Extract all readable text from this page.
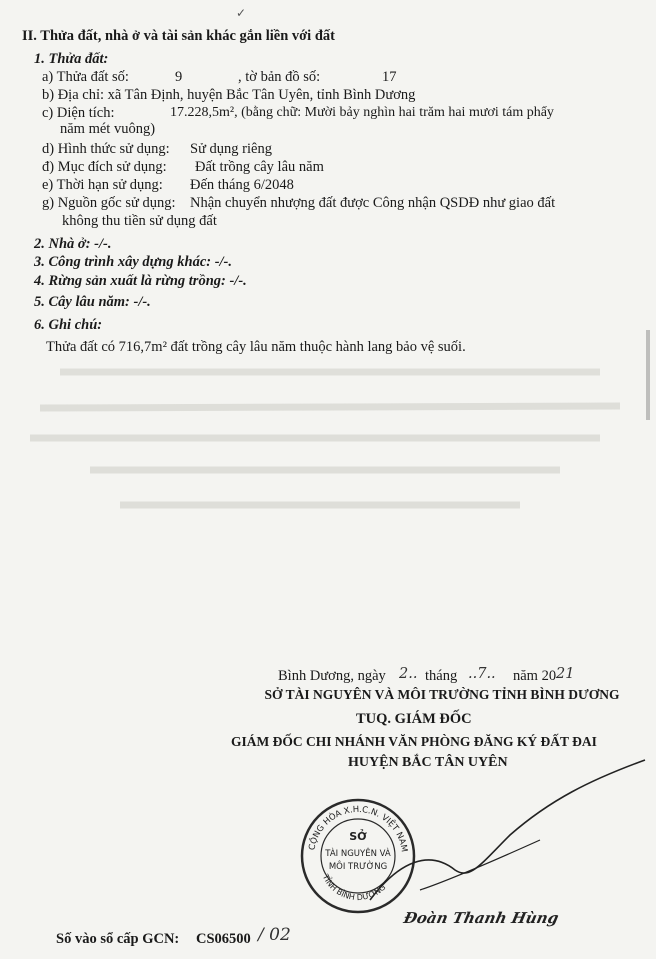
✓
II. Thửa đất, nhà ở và tài sản khác gắn liền với đất
1. Thửa đất:
a) Thửa đất số:	9	, tờ bản đồ số:	17
b) Địa chỉ: xã Tân Định, huyện Bắc Tân Uyên, tỉnh Bình Dương
c) Diện tích:	17.228,5m², (bằng chữ: Mười bảy nghìn hai trăm hai mươi tám phẩy
năm mét vuông)
d) Hình thức sử dụng: Sử dụng riêng
đ) Mục đích sử dụng: Đất trồng cây lâu năm
e) Thời hạn sử dụng: Đến tháng 6/2048
g) Nguồn gốc sử dụng: Nhận chuyển nhượng đất được Công nhận QSDĐ như giao đất
không thu tiền sử dụng đất
2. Nhà ở: -/-.
3. Công trình xây dựng khác: -/-.
4. Rừng sản xuất là rừng trồng: -/-.
5. Cây lâu năm: -/-.
6. Ghi chú:
Thửa đất có 716,7m² đất trồng cây lâu năm thuộc hành lang bảo vệ suối.
Bình Dương, ngày 2.. tháng ..7.. năm 20 21
SỞ TÀI NGUYÊN VÀ MÔI TRƯỜNG TỈNH BÌNH DƯƠNG
TUQ. GIÁM ĐỐC
GIÁM ĐỐC CHI NHÁNH VĂN PHÒNG ĐĂNG KÝ ĐẤT ĐAI
HUYỆN BẮC TÂN UYÊN
CỘNG HÒA X.H.C.N. VIỆT NAM
TỈNH BÌNH DƯƠNG
SỞ
TÀI NGUYÊN VÀ
MÔI TRƯỜNG
Đoàn Thanh Hùng
Số vào sổ cấp GCN: CS06500 / 02
